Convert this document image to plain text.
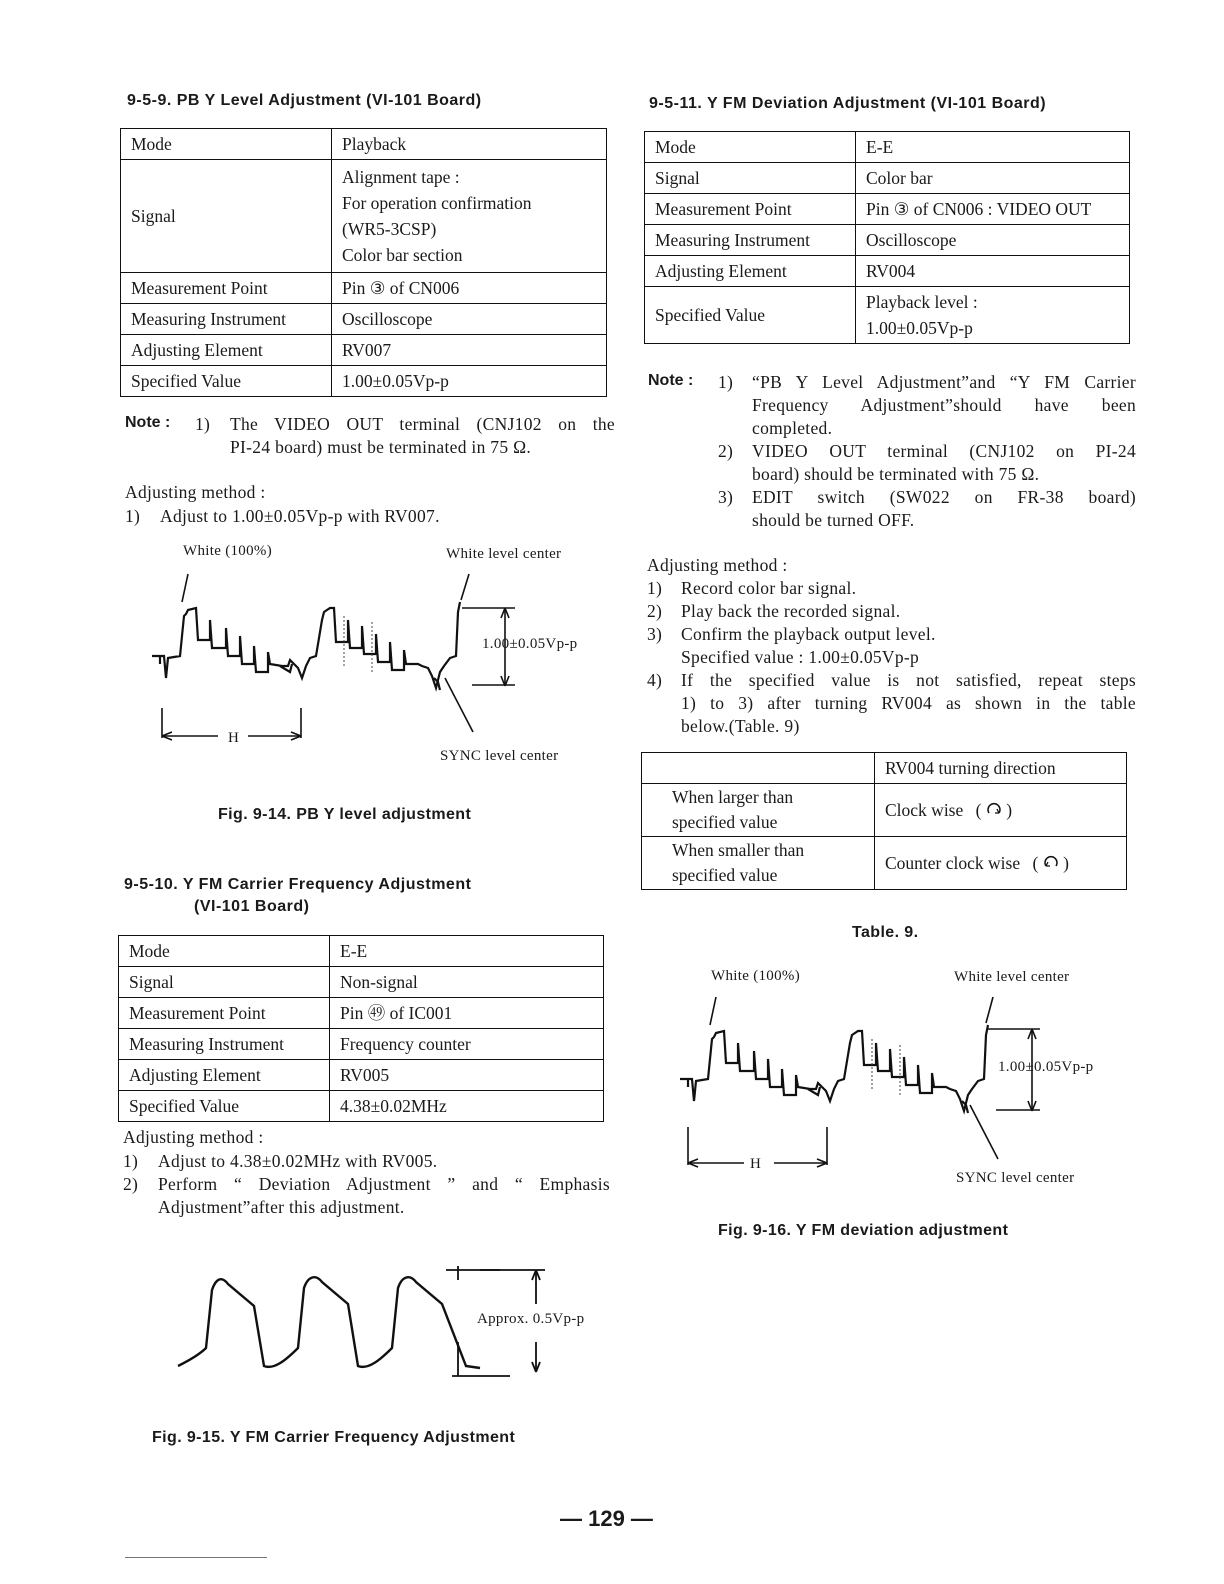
9-5-9. PB Y Level Adjustment (VI-101 Board)
Mode	Playback
Signal	Alignment tape :
For operation confirmation
(WR5-3CSP)
Color bar section

Measurement Point	Pin ③ of CN006
Measuring Instrument	Oscilloscope
Adjusting Element	RV007
Specified Value	1.00±0.05Vp-p
Note : 1) The VIDEO OUT terminal (CNJ102 on the
PI-24 board) must be terminated in 75 Ω.
Adjusting method :
1) Adjust to 1.00±0.05Vp-p with RV007.
White (100%)	White level center
1.00±0.05Vp-p
H
SYNC level center
Fig. 9-14. PB Y level adjustment
9-5-10. Y FM Carrier Frequency Adjustment
(VI-101 Board)
Mode	E-E
Signal	Non-signal
Measurement Point	Pin ㊾ of IC001
Measuring Instrument	Frequency counter
Adjusting Element	RV005
Specified Value	4.38±0.02MHz
Adjusting method :
1) Adjust to 4.38±0.02MHz with RV005.
2) Perform “ Deviation Adjustment ” and “ Emphasis
Adjustment”after this adjustment.
Approx. 0.5Vp-p
Fig. 9-15. Y FM Carrier Frequency Adjustment
9-5-11. Y FM Deviation Adjustment (VI-101 Board)
Mode	E-E
Signal	Color bar
Measurement Point	Pin ③ of CN006 : VIDEO OUT
Measuring Instrument	Oscilloscope
Adjusting Element	RV004
Specified Value	Playback level :
1.00±0.05Vp-p
Note : 1) “PB Y Level Adjustment”and “Y FM Carrier
Frequency Adjustment”should have been
completed.
2) VIDEO OUT terminal (CNJ102 on PI-24
board) should be terminated with 75 Ω.
3) EDIT switch (SW022 on FR-38 board)
should be turned OFF.
Adjusting method :
1) Record color bar signal.
2) Play back the recorded signal.
3) Confirm the playback output level.
Specified value : 1.00±0.05Vp-p
4) If the specified value is not satisfied, repeat steps
1) to 3) after turning RV004 as shown in the table
below.(Table. 9)
	RV004 turning direction

When larger than
specified value	Clock wise (  )

When smaller than
specified value	Counter clock wise (  )
Table. 9.
White (100%)	White level center
1.00±0.05Vp-p
H
SYNC level center
Fig. 9-16. Y FM deviation adjustment
— 129 —
